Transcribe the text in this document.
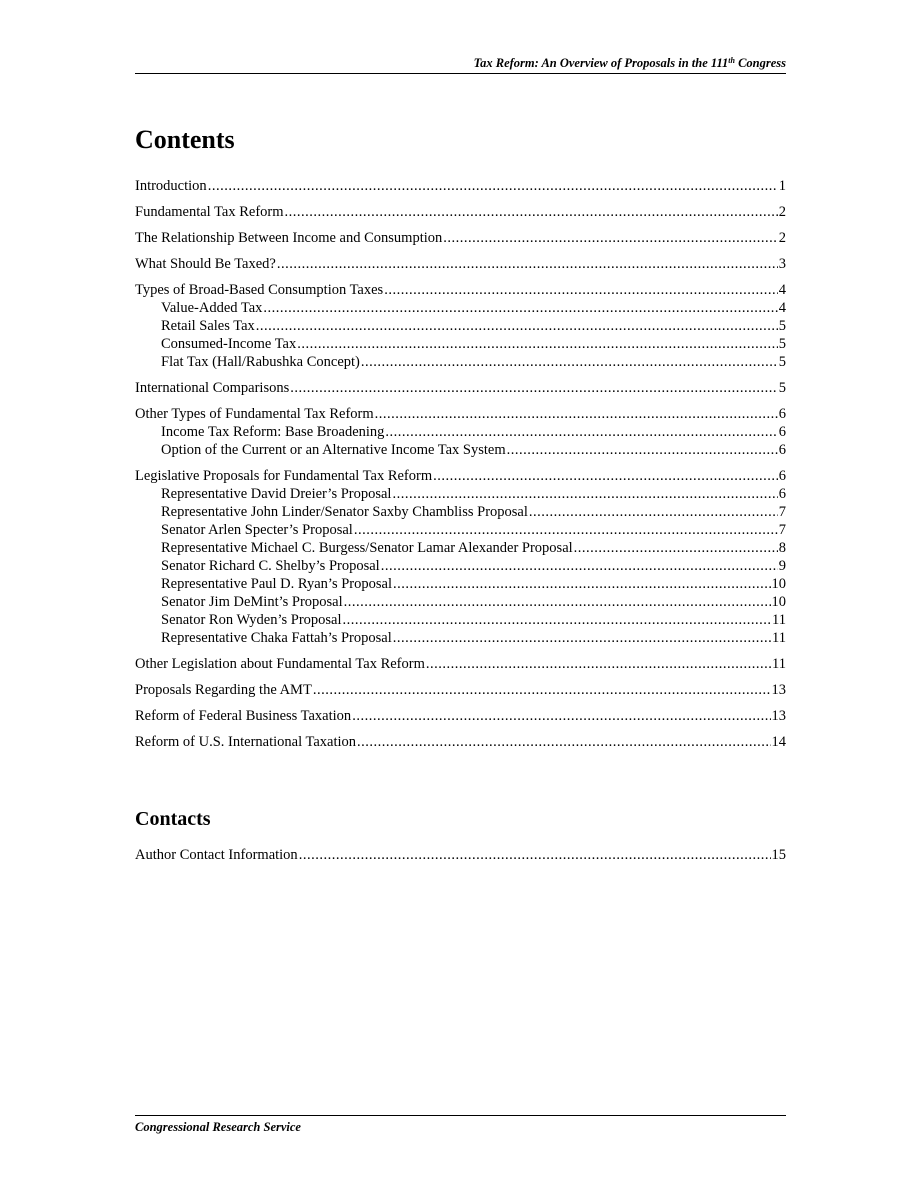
Tax Reform: An Overview of Proposals in the 111th Congress
Contents
Introduction .....	1
Fundamental Tax Reform .....	2
The Relationship Between Income and Consumption .....	2
What Should Be Taxed? .....	3
Types of Broad-Based Consumption Taxes .....	4
Value-Added Tax .....	4
Retail Sales Tax .....	5
Consumed-Income Tax .....	5
Flat Tax (Hall/Rabushka Concept) .....	5
International Comparisons .....	5
Other Types of Fundamental Tax Reform .....	6
Income Tax Reform: Base Broadening .....	6
Option of the Current or an Alternative Income Tax System .....	6
Legislative Proposals for Fundamental Tax Reform .....	6
Representative David Dreier’s Proposal .....	6
Representative John Linder/Senator Saxby Chambliss Proposal .....	7
Senator Arlen Specter’s Proposal .....	7
Representative Michael C. Burgess/Senator Lamar Alexander Proposal .....	8
Senator Richard C. Shelby’s Proposal .....	9
Representative Paul D. Ryan’s Proposal .....	10
Senator Jim DeMint’s Proposal .....	10
Senator Ron Wyden’s Proposal .....	11
Representative Chaka Fattah’s Proposal .....	11
Other Legislation about Fundamental Tax Reform .....	11
Proposals Regarding the AMT .....	13
Reform of Federal Business Taxation .....	13
Reform of U.S. International Taxation .....	14
Contacts
Author Contact Information .....	15
Congressional Research Service
